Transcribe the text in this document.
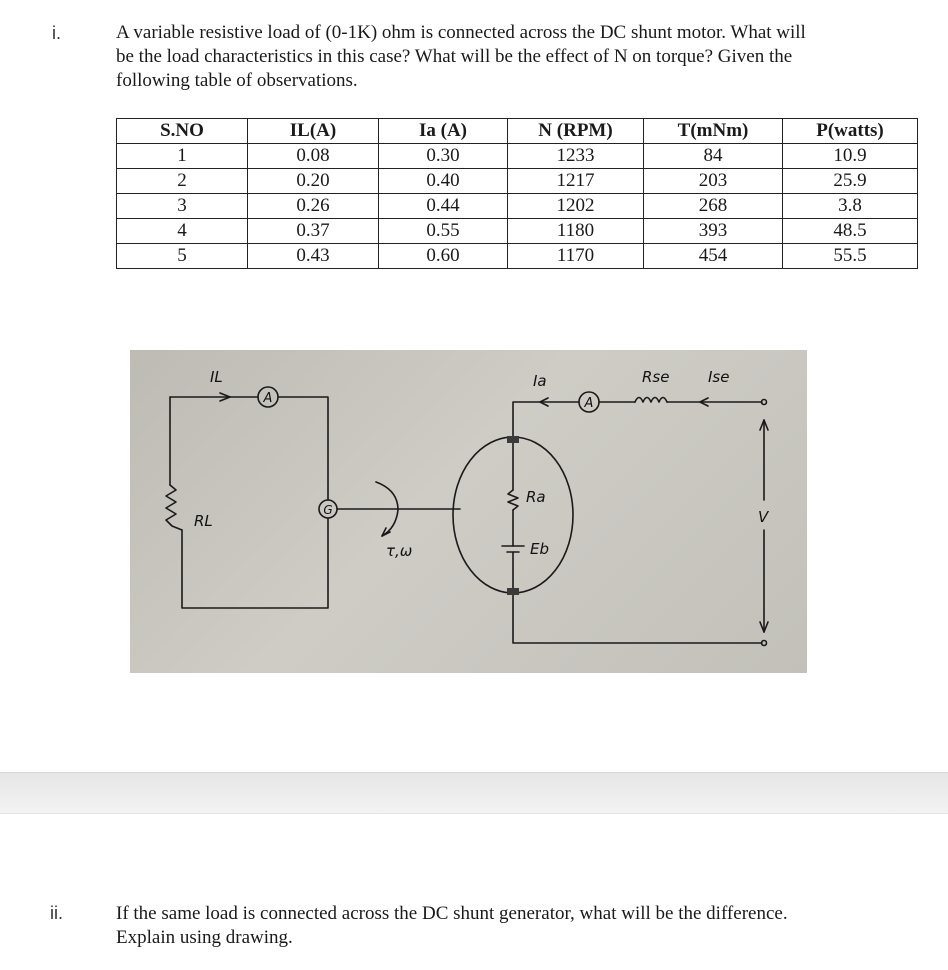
i.	A variable resistive load of (0-1K) ohm is connected across the DC shunt motor. What will
be the load characteristics in this case? What will be the effect of N on torque? Given the
following table of observations.
S.NO	IL(A)	Ia (A)	N (RPM)	T(mNm)	P(watts)
1	0.08	0.30	1233	84	10.9
2	0.20	0.40	1217	203	25.9
3	0.26	0.44	1202	268	3.8
4	0.37	0.55	1180	393	48.5
5	0.43	0.60	1170	454	55.5
IL
A
RL
G
τ,ω
Ia
A
Rse	Ise
Ra
Eb
V
ii.	If the same load is connected across the DC shunt generator, what will be the difference.
Explain using drawing.
